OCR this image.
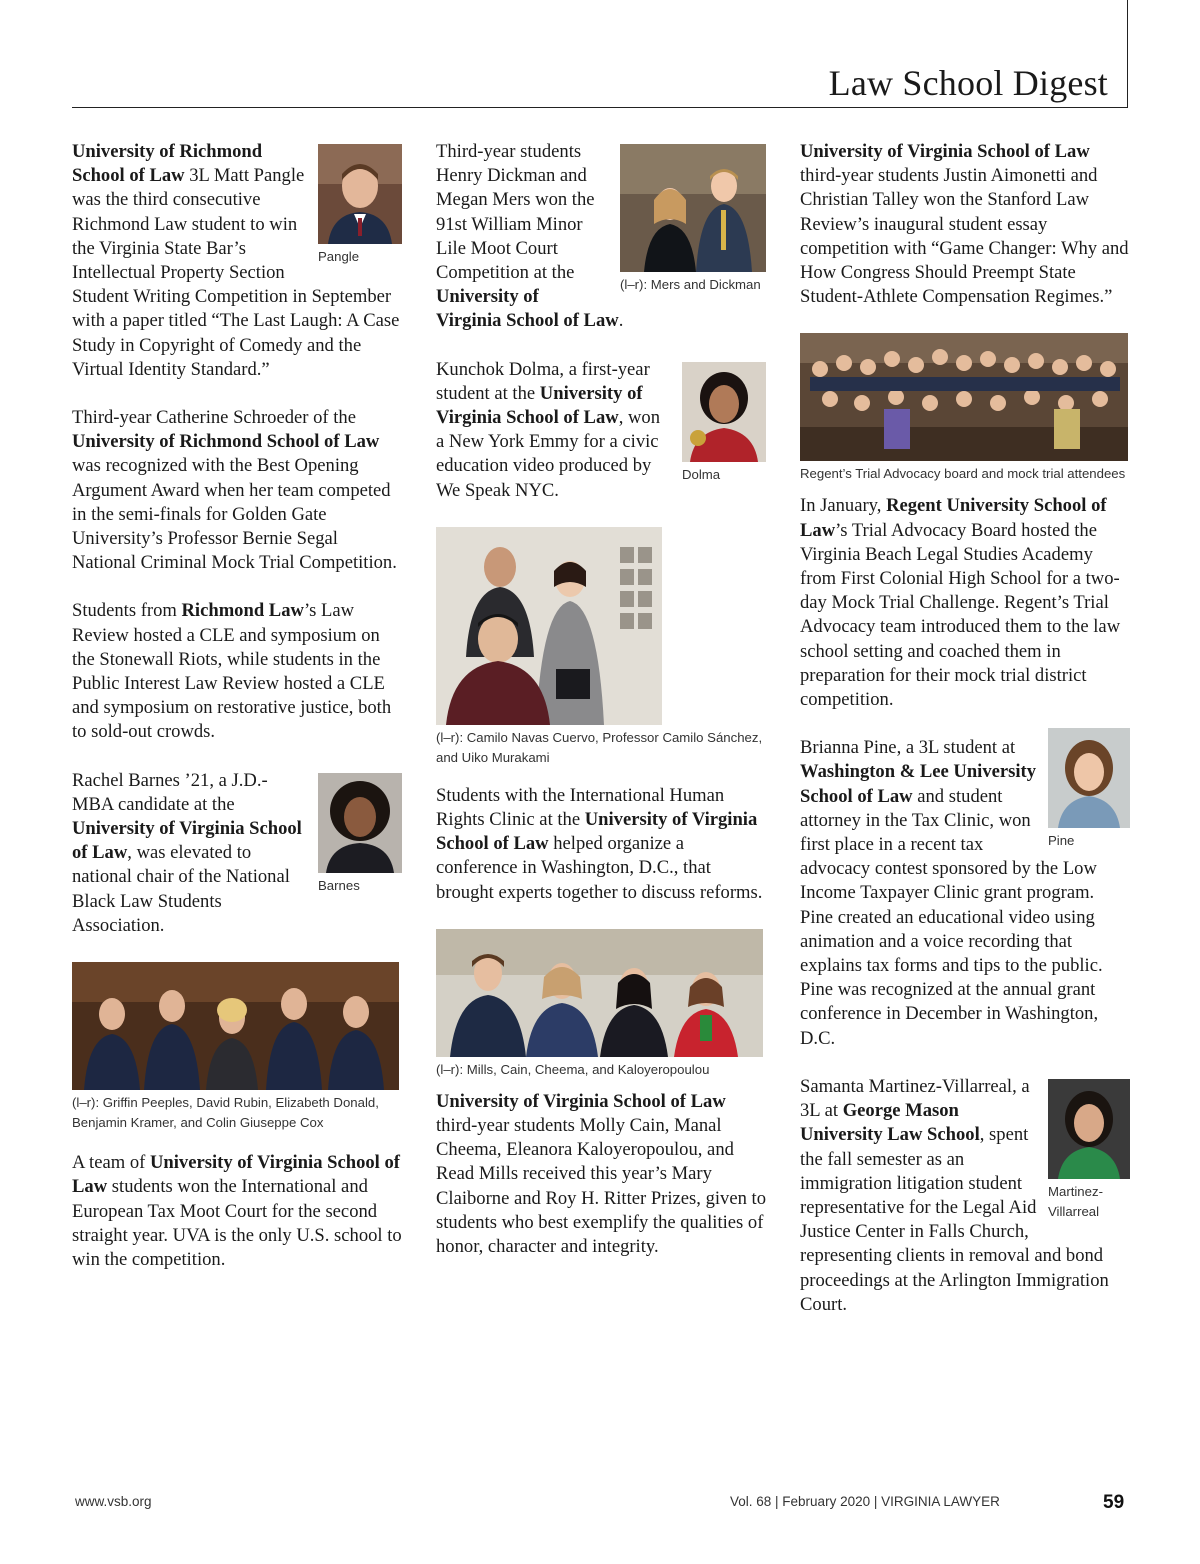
Law School Digest
Pangle

University of Richmond School of Law 3L Matt Pangle was the third consecutive Richmond Law student to win the Virginia State Bar’s Intellectual Property Section Student Writing Competition in September with a paper titled “The Last Laugh: A Case Study in Copyright of Comedy and the Virtual Identity Standard.”

Third-year Catherine Schroeder of the University of Richmond School of Law was recognized with the Best Opening Argument Award when her team competed in the semi-finals for Golden Gate University’s Professor Bernie Segal National Criminal Mock Trial Competition.

Students from Richmond Law’s Law Review hosted a CLE and symposium on the Stonewall Riots, while students in the Public Interest Law Review hosted a CLE and symposium on restorative justice, both to sold-out crowds.

Barnes

Rachel Barnes ’21, a J.D.-MBA candidate at the University of Virginia School of Law, was elevated to national chair of the National Black Law Students Association.

(l–r): Griffin Peeples, David Rubin, Elizabeth Donald, Benjamin Kramer, and Colin Giuseppe Cox

A team of University of Virginia School of Law students won the International and European Tax Moot Court for the second straight year. UVA is the only U.S. school to win the competition.

(l–r): Mers and Dickman

Third-year students Henry Dickman and Megan Mers won the 91st William Minor Lile Moot Court Competition at the University of Virginia School of Law.

Dolma

Kunchok Dolma, a first-year student at the University of Virginia School of Law, won a New York Emmy for a civic education video produced by We Speak NYC.

(l–r): Camilo Navas Cuervo, Professor Camilo Sánchez, and Uiko Murakami

Students with the International Human Rights Clinic at the University of Virginia School of Law helped organize a conference in Washington, D.C., that brought experts together to discuss reforms.

(l–r): Mills, Cain, Cheema, and Kaloyeropoulou

University of Virginia School of Law third-year students Molly Cain, Manal Cheema, Eleanora Kaloyeropoulou, and Read Mills received this year’s Mary Claiborne and Roy H. Ritter Prizes, given to students who best exemplify the qualities of honor, character and integrity.

University of Virginia School of Law third-year students Justin Aimonetti and Christian Talley won the Stanford Law Review’s inaugural student essay competition with “Game Changer: Why and How Congress Should Preempt State Student-Athlete Compensation Regimes.”

Regent’s Trial Advocacy board and mock trial attendees

In January, Regent University School of Law’s Trial Advocacy Board hosted the Virginia Beach Legal Studies Academy from First Colonial High School for a two-day Mock Trial Challenge. Regent’s Trial Advocacy team introduced them to the law school setting and coached them in preparation for their mock trial district competition.

Pine

Brianna Pine, a 3L student at Washington & Lee University School of Law and student attorney in the Tax Clinic, won first place in a recent tax advocacy contest sponsored by the Low Income Taxpayer Clinic grant program. Pine created an educational video using animation and a voice recording that explains tax forms and tips to the public. Pine was recognized at the annual grant conference in December in Washington, D.C.

Martinez-Villarreal

Samanta Martinez-Villarreal, a 3L at George Mason University Law School, spent the fall semester as an immigration litigation student representative for the Legal Aid Justice Center in Falls Church, representing clients in removal and bond proceedings at the Arlington Immigration Court.

www.vsb.org	Vol. 68 | February 2020 | VIRGINIA LAWYER	59
